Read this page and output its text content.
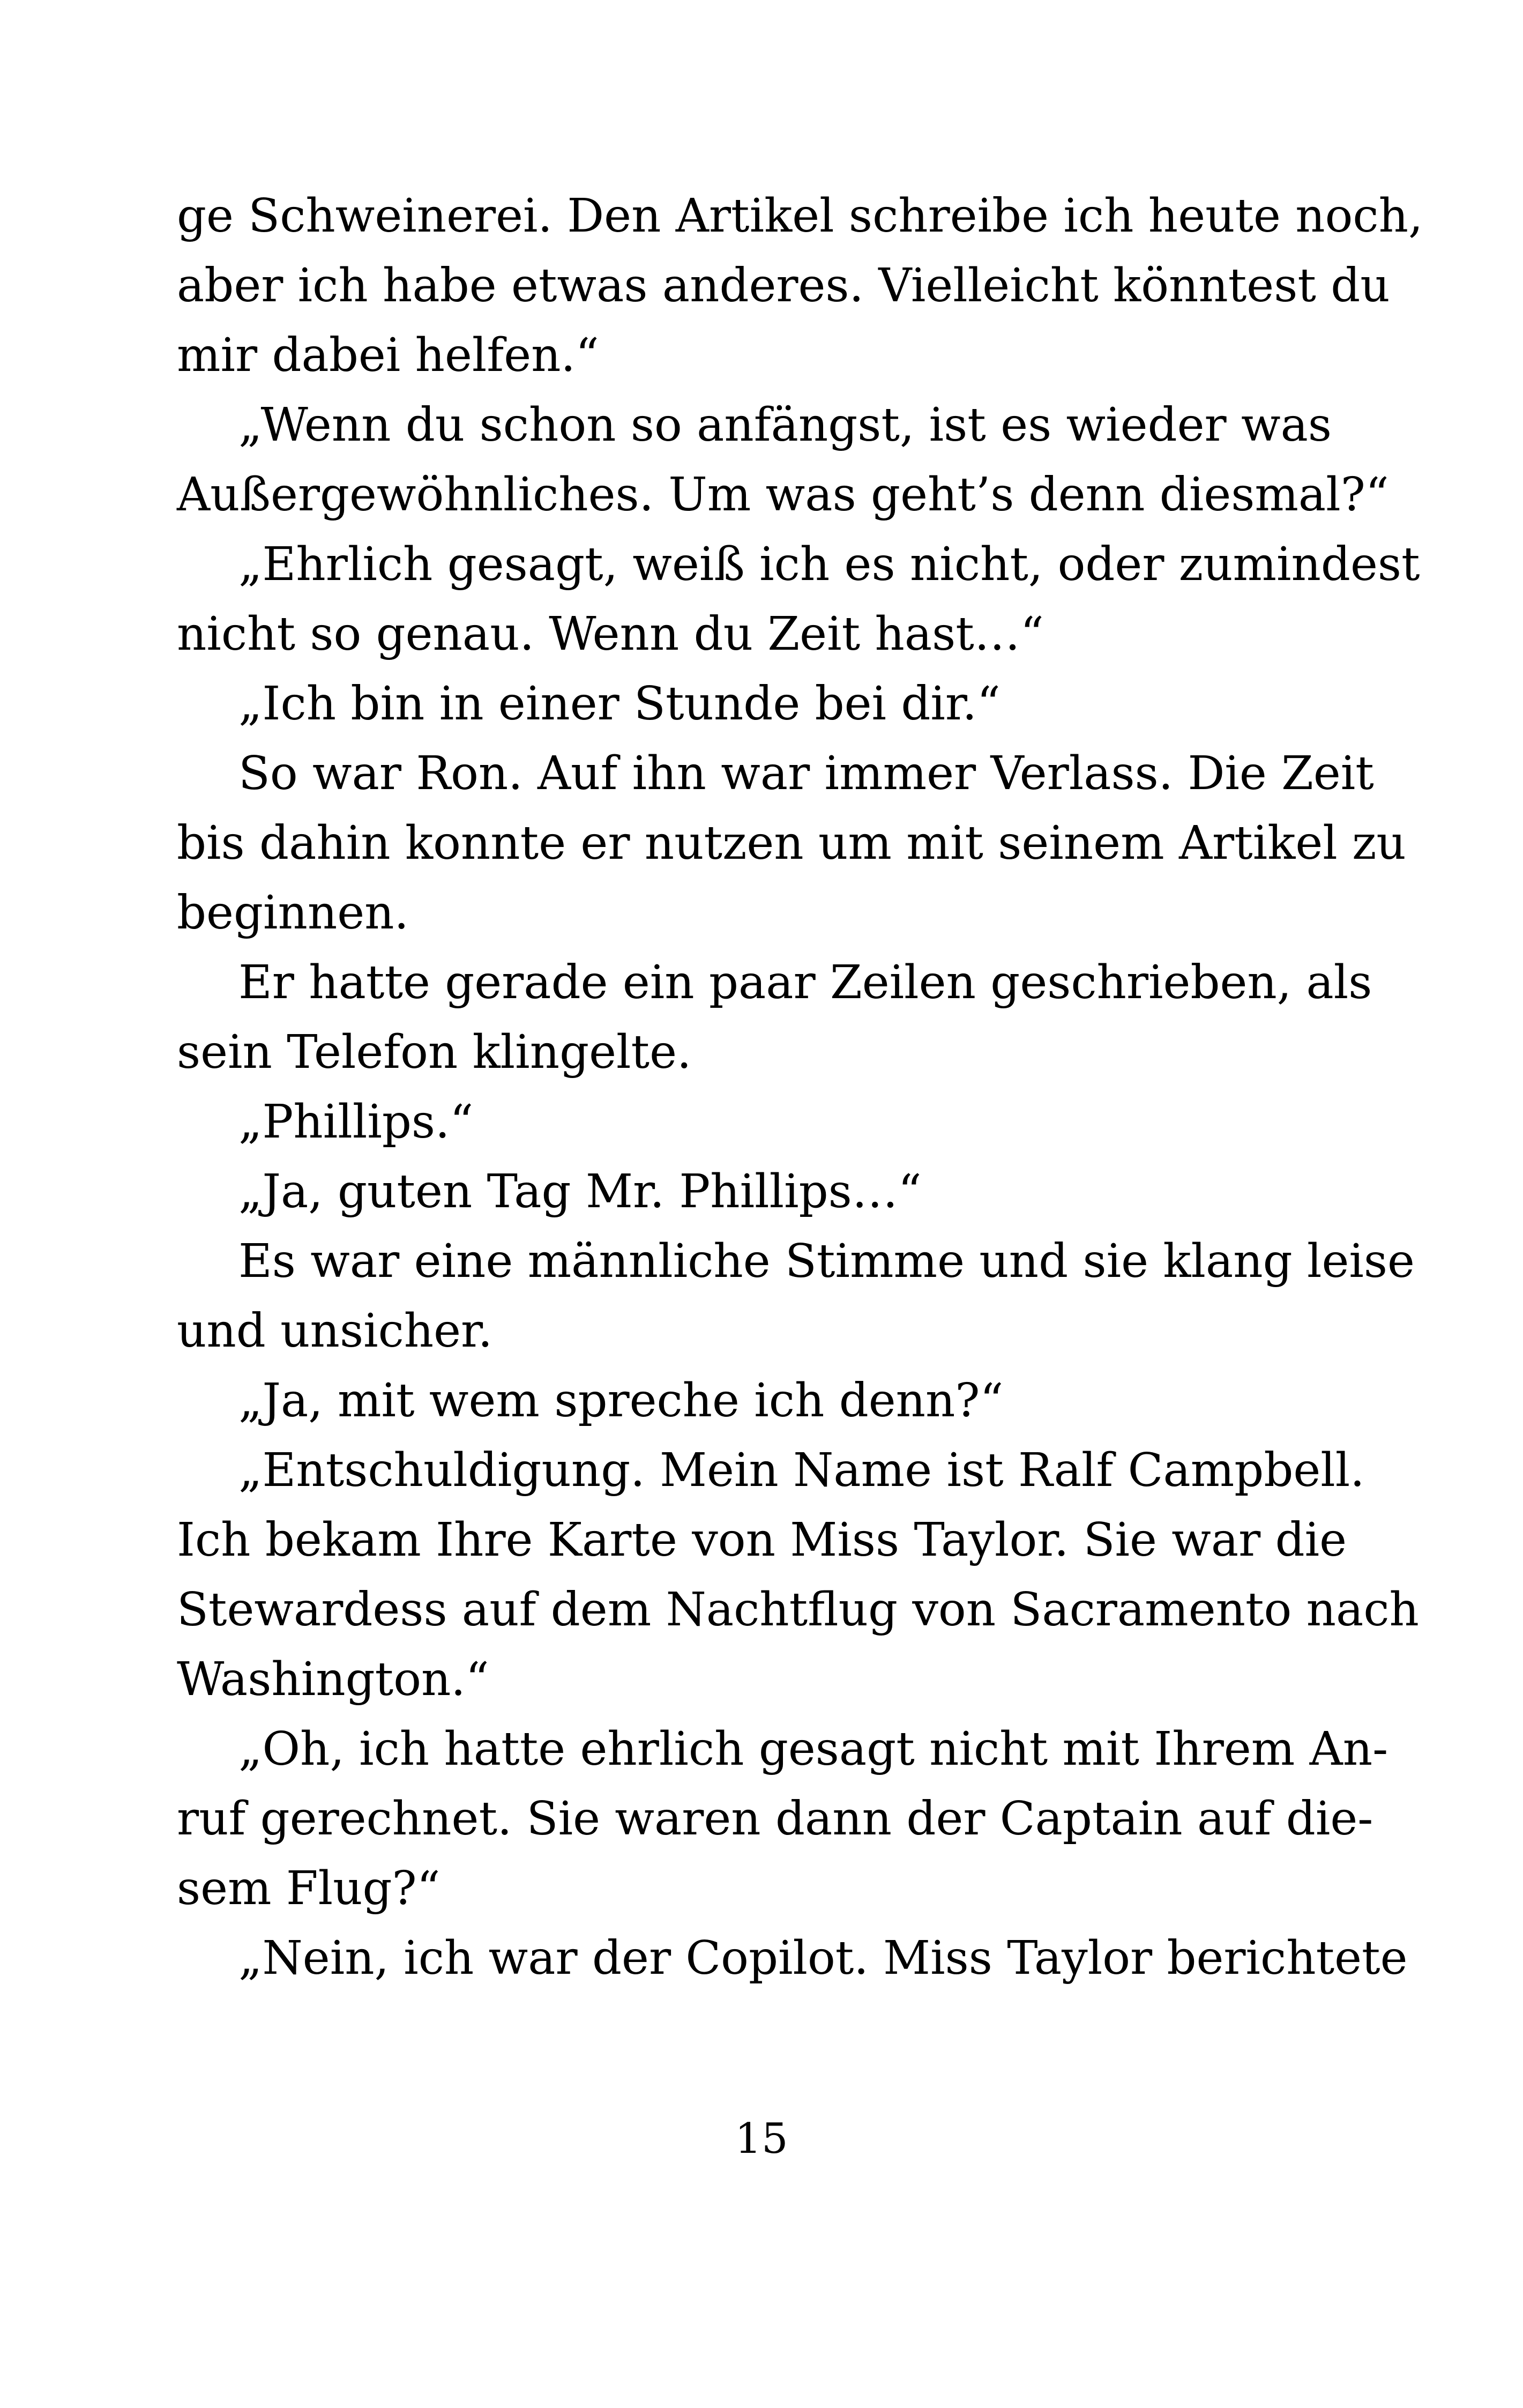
ge Schweinerei. Den Artikel schreibe ich heute noch,
aber ich habe etwas anderes. Vielleicht könntest du
mir dabei helfen.“
„Wenn du schon so anfängst, ist es wieder was
Außergewöhnliches. Um was geht’s denn diesmal?“
„Ehrlich gesagt, weiß ich es nicht, oder zumindest
nicht so genau. Wenn du Zeit hast…“
„Ich bin in einer Stunde bei dir.“
So war Ron. Auf ihn war immer Verlass. Die Zeit
bis dahin konnte er nutzen um mit seinem Artikel zu
beginnen.
Er hatte gerade ein paar Zeilen geschrieben, als
sein Telefon klingelte.
„Phillips.“
„Ja, guten Tag Mr. Phillips…“
Es war eine männliche Stimme und sie klang leise
und unsicher.
„Ja, mit wem spreche ich denn?“
„Entschuldigung. Mein Name ist Ralf Campbell.
Ich bekam Ihre Karte von Miss Taylor. Sie war die
Stewardess auf dem Nachtflug von Sacramento nach
Washington.“
„Oh, ich hatte ehrlich gesagt nicht mit Ihrem An-
ruf gerechnet. Sie waren dann der Captain auf die-
sem Flug?“
„Nein, ich war der Copilot. Miss Taylor berichtete
15
